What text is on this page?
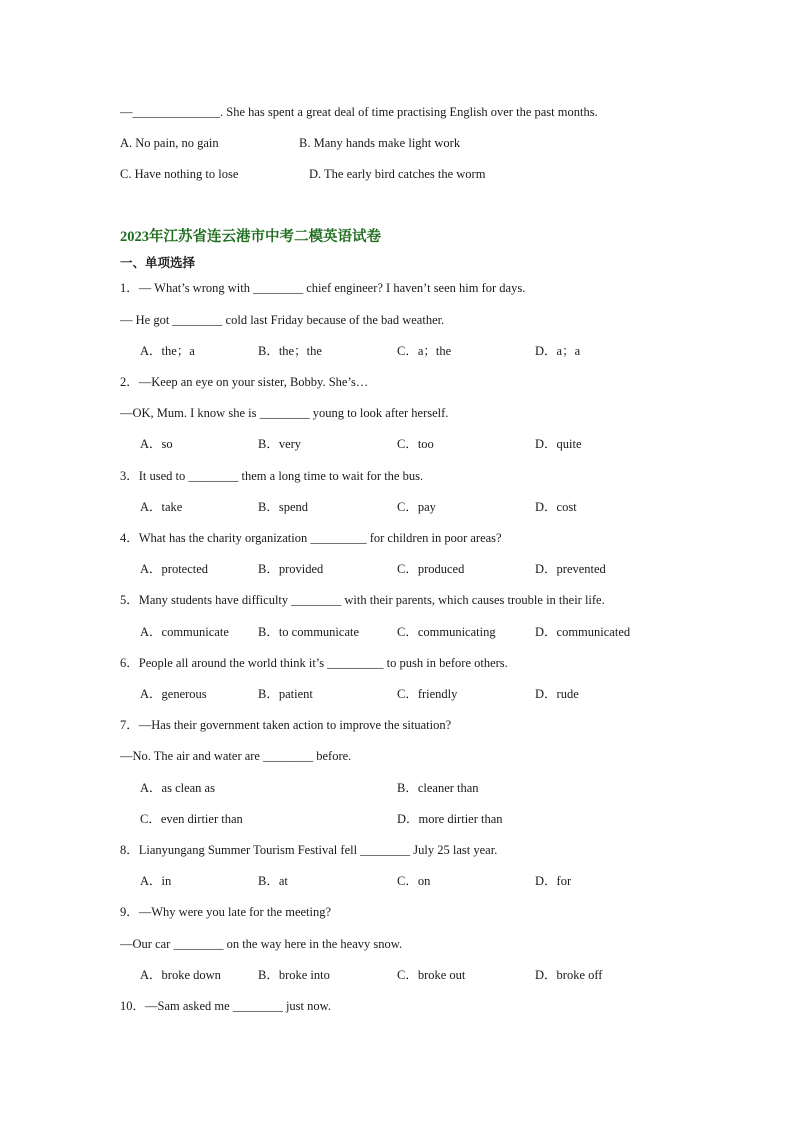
—______________. She has spent a great deal of time practising English over the past months.
A. No pain, no gain	B. Many hands make light work
C. Have nothing to lose	D. The early bird catches the worm
2023年江苏省连云港市中考二模英语试卷
一、单项选择
1．— What’s wrong with ________ chief engineer? I haven’t seen him for days.
— He got ________ cold last Friday because of the bad weather.
A．the；a	B．the；the	C．a；the	D．a；a
2．—Keep an eye on your sister, Bobby. She’s…
—OK, Mum. I know she is ________ young to look after herself.
A．so	B．very	C．too	D．quite
3．It used to ________ them a long time to wait for the bus.
A．take	B．spend	C．pay	D．cost
4．What has the charity organization _________ for children in poor areas?
A．protected	B．provided	C．produced	D．prevented
5．Many students have difficulty ________ with their parents, which causes trouble in their life.
A．communicate B．to communicate	C．communicating	D．communicated
6．People all around the world think it’s _________ to push in before others.
A．generous	B．patient	C．friendly	D．rude
7．—Has their government taken action to improve the situation?
—No. The air and water are ________ before.
A．as clean as	B．cleaner than
C．even dirtier than	D．more dirtier than
8．Lianyungang Summer Tourism Festival fell ________ July 25 last year.
A．in	B．at	C．on	D．for
9．—Why were you late for the meeting?
—Our car ________ on the way here in the heavy snow.
A．broke down	B．broke into	C．broke out	D．broke off
10．—Sam asked me ________ just now.
